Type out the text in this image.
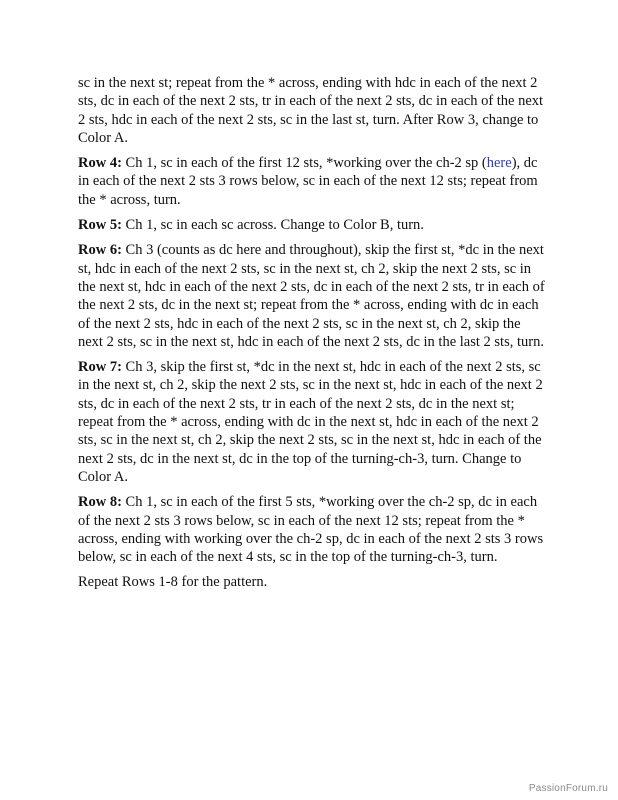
sc in the next st; repeat from the * across, ending with hdc in each of the next 2 sts, dc in each of the next 2 sts, tr in each of the next 2 sts, dc in each of the next 2 sts, hdc in each of the next 2 sts, sc in the last st, turn. After Row 3, change to Color A.

Row 4: Ch 1, sc in each of the first 12 sts, *working over the ch-2 sp (here), dc in each of the next 2 sts 3 rows below, sc in each of the next 12 sts; repeat from the * across, turn.

Row 5: Ch 1, sc in each sc across. Change to Color B, turn.

Row 6: Ch 3 (counts as dc here and throughout), skip the first st, *dc in the next st, hdc in each of the next 2 sts, sc in the next st, ch 2, skip the next 2 sts, sc in the next st, hdc in each of the next 2 sts, dc in each of the next 2 sts, tr in each of the next 2 sts, dc in the next st; repeat from the * across, ending with dc in each of the next 2 sts, hdc in each of the next 2 sts, sc in the next st, ch 2, skip the next 2 sts, sc in the next st, hdc in each of the next 2 sts, dc in the last 2 sts, turn.

Row 7: Ch 3, skip the first st, *dc in the next st, hdc in each of the next 2 sts, sc in the next st, ch 2, skip the next 2 sts, sc in the next st, hdc in each of the next 2 sts, dc in each of the next 2 sts, tr in each of the next 2 sts, dc in the next st; repeat from the * across, ending with dc in the next st, hdc in each of the next 2 sts, sc in the next st, ch 2, skip the next 2 sts, sc in the next st, hdc in each of the next 2 sts, dc in the next st, dc in the top of the turning-ch-3, turn. Change to Color A.

Row 8: Ch 1, sc in each of the first 5 sts, *working over the ch-2 sp, dc in each of the next 2 sts 3 rows below, sc in each of the next 12 sts; repeat from the * across, ending with working over the ch-2 sp, dc in each of the next 2 sts 3 rows below, sc in each of the next 4 sts, sc in the top of the turning-ch-3, turn.

Repeat Rows 1-8 for the pattern.

PassionForum.ru
